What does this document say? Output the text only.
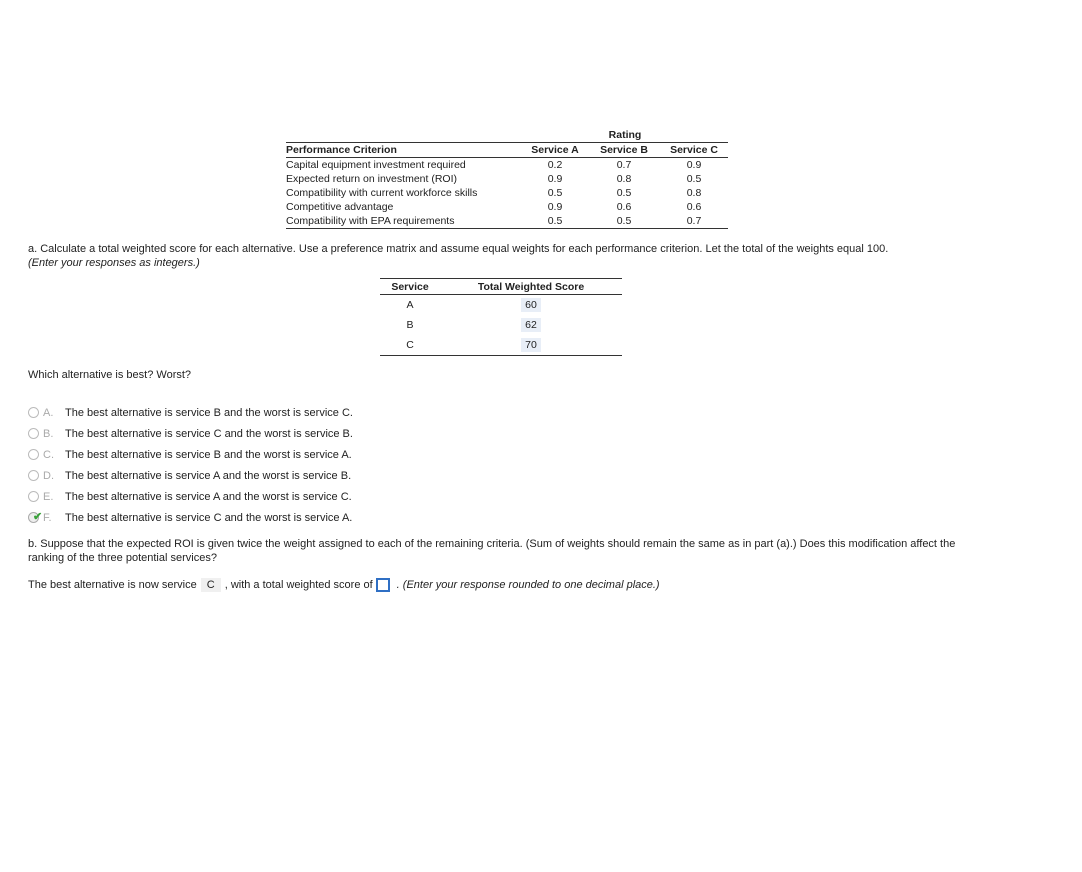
	Rating		
Performance Criterion	Service A	Service B	Service C
Capital equipment investment required	0.2	0.7	0.9
Expected return on investment (ROI)	0.9	0.8	0.5
Compatibility with current workforce skills	0.5	0.5	0.8
Competitive advantage	0.9	0.6	0.6
Compatibility with EPA requirements	0.5	0.5	0.7
a. Calculate a total weighted score for each alternative. Use a preference matrix and assume equal weights for each performance criterion. Let the total of the weights equal 100.
(Enter your responses as integers.)
Service	Total Weighted Score
A	60
B	62
C	70
Which alternative is best? Worst?
A.	The best alternative is service B and the worst is service C.
B.	The best alternative is service C and the worst is service B.
C.	The best alternative is service B and the worst is service A.
D.	The best alternative is service A and the worst is service B.
E.	The best alternative is service A and the worst is service C.
✔ F.	The best alternative is service C and the worst is service A.
b. Suppose that the expected ROI is given twice the weight assigned to each of the remaining criteria. (Sum of weights should remain the same as in part (a).) Does this modification affect the ranking of the three potential services?
The best alternative is now service C , with a total weighted score of . (Enter your response rounded to one decimal place.)
